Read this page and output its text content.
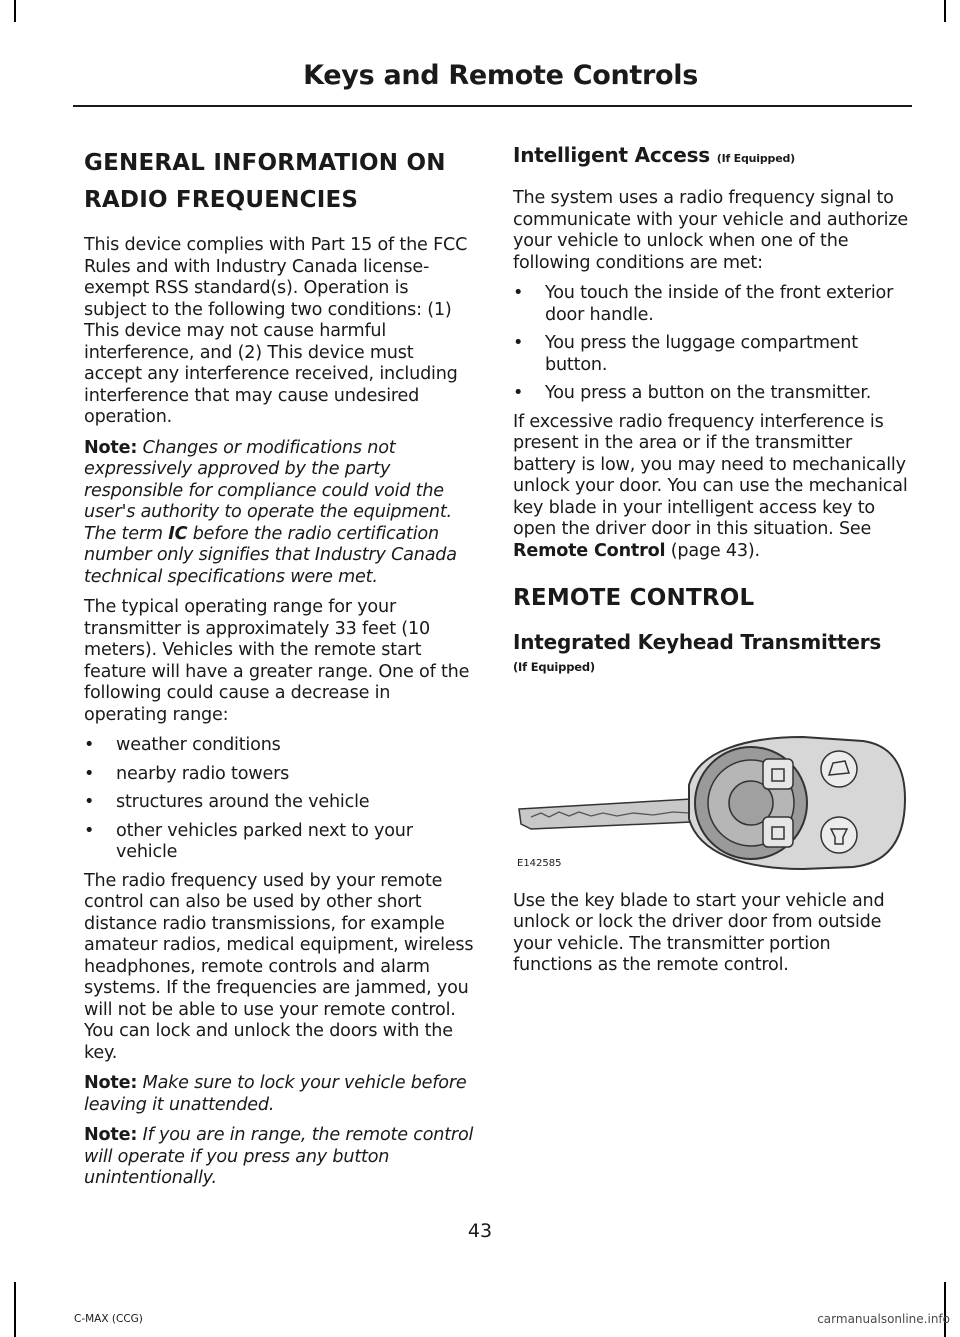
Keys and Remote Controls
GENERAL INFORMATION ON
RADIO FREQUENCIES

This device complies with Part 15 of the FCC Rules and with Industry Canada license-exempt RSS standard(s). Operation is subject to the following two conditions: (1) This device may not cause harmful interference, and (2) This device must accept any interference received, including interference that may cause undesired operation.

Note: Changes or modifications not expressively approved by the party responsible for compliance could void the user's authority to operate the equipment. The term IC before the radio certification number only signifies that Industry Canada technical specifications were met.

The typical operating range for your transmitter is approximately 33 feet (10 meters). Vehicles with the remote start feature will have a greater range. One of the following could cause a decrease in operating range:

• weather conditions
• nearby radio towers
• structures around the vehicle
• other vehicles parked next to your vehicle

The radio frequency used by your remote control can also be used by other short distance radio transmissions, for example amateur radios, medical equipment, wireless headphones, remote controls and alarm systems. If the frequencies are jammed, you will not be able to use your remote control. You can lock and unlock the doors with the key.

Note: Make sure to lock your vehicle before leaving it unattended.

Note: If you are in range, the remote control will operate if you press any button unintentionally.

Intelligent Access (If Equipped)

The system uses a radio frequency signal to communicate with your vehicle and authorize your vehicle to unlock when one of the following conditions are met:

• You touch the inside of the front exterior door handle.
• You press the luggage compartment button.
• You press a button on the transmitter.

If excessive radio frequency interference is present in the area or if the transmitter battery is low, you may need to mechanically unlock your door. You can use the mechanical key blade in your intelligent access key to open the driver door in this situation. See Remote Control (page 43).

REMOTE CONTROL
Integrated Keyhead Transmitters
(If Equipped)
E142585

Use the key blade to start your vehicle and unlock or lock the driver door from outside your vehicle. The transmitter portion functions as the remote control.

43
C-MAX (CCG)	carmanualsonline.info
